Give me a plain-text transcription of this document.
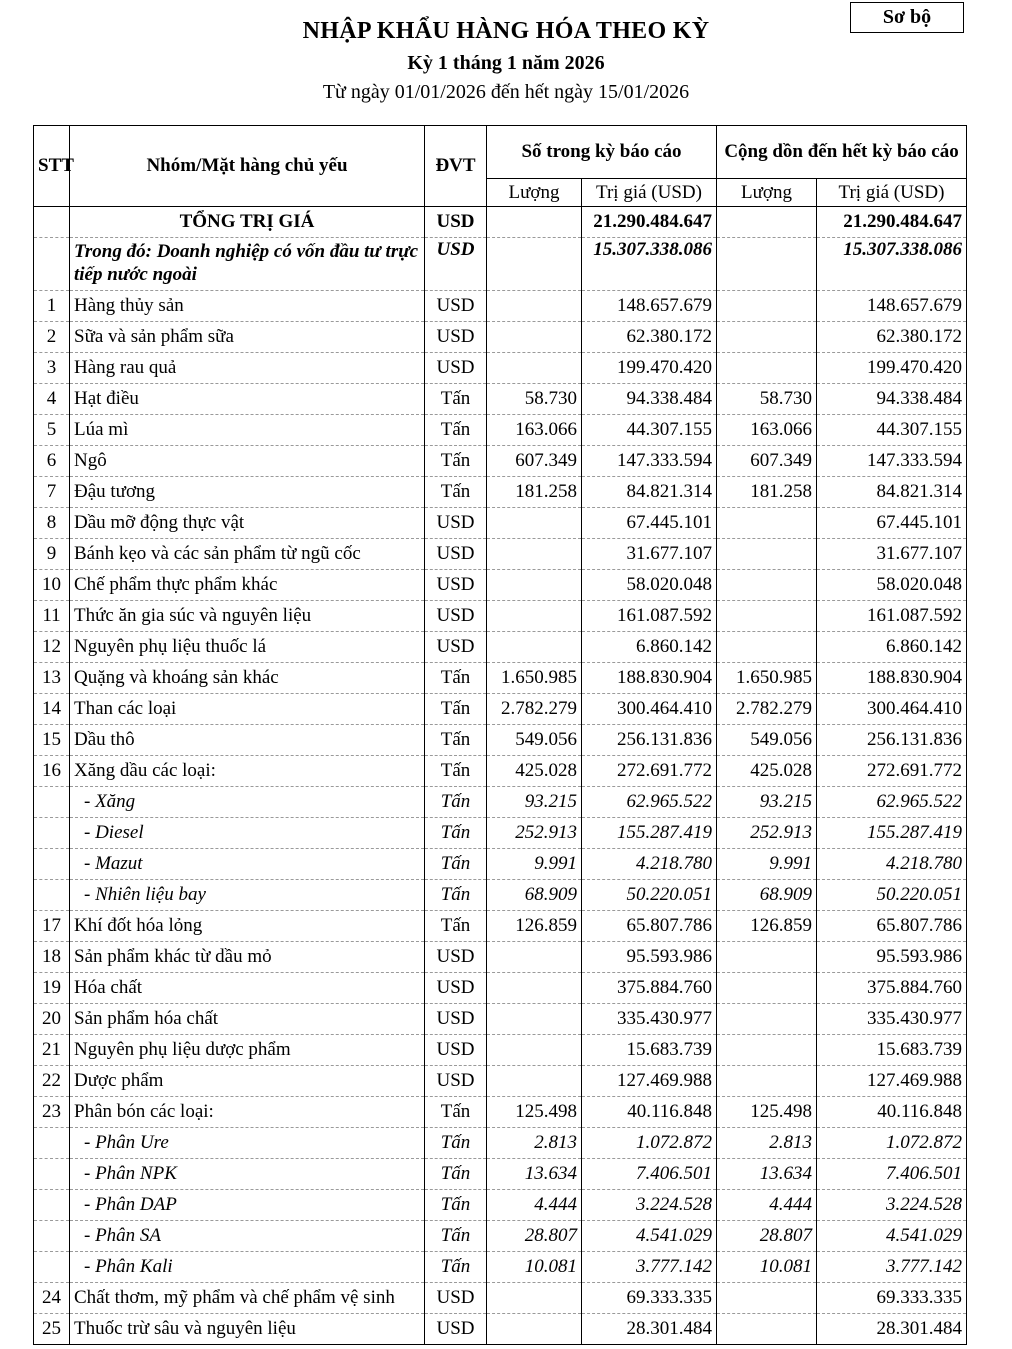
Sơ bộ
NHẬP KHẨU HÀNG HÓA THEO KỲ
Kỳ 1 tháng 1 năm 2026
Từ ngày 01/01/2026 đến hết ngày 15/01/2026
STT	Nhóm/Mặt hàng chủ yếu	ĐVT	Số trong kỳ báo cáo		Cộng dồn đến hết kỳ báo cáo	
			Lượng	Trị giá (USD)	Lượng	Trị giá (USD)
	TỔNG TRỊ GIÁ	USD		21.290.484.647		21.290.484.647
	Trong đó: Doanh nghiệp có vốn đầu tư trực tiếp nước ngoài	USD		15.307.338.086		15.307.338.086
1	Hàng thủy sản	USD		148.657.679		148.657.679
2	Sữa và sản phẩm sữa	USD		62.380.172		62.380.172
3	Hàng rau quả	USD		199.470.420		199.470.420
4	Hạt điều	Tấn	58.730	94.338.484	58.730	94.338.484
5	Lúa mì	Tấn	163.066	44.307.155	163.066	44.307.155
6	Ngô	Tấn	607.349	147.333.594	607.349	147.333.594
7	Đậu tương	Tấn	181.258	84.821.314	181.258	84.821.314
8	Dầu mỡ động thực vật	USD		67.445.101		67.445.101
9	Bánh kẹo và các sản phẩm từ ngũ cốc	USD		31.677.107		31.677.107
10	Chế phẩm thực phẩm khác	USD		58.020.048		58.020.048
11	Thức ăn gia súc và nguyên liệu	USD		161.087.592		161.087.592
12	Nguyên phụ liệu thuốc lá	USD		6.860.142		6.860.142
13	Quặng và khoáng sản khác	Tấn	1.650.985	188.830.904	1.650.985	188.830.904
14	Than các loại	Tấn	2.782.279	300.464.410	2.782.279	300.464.410
15	Dầu thô	Tấn	549.056	256.131.836	549.056	256.131.836
16	Xăng dầu các loại:	Tấn	425.028	272.691.772	425.028	272.691.772
	- Xăng	Tấn	93.215	62.965.522	93.215	62.965.522
	- Diesel	Tấn	252.913	155.287.419	252.913	155.287.419
	- Mazut	Tấn	9.991	4.218.780	9.991	4.218.780
	- Nhiên liệu bay	Tấn	68.909	50.220.051	68.909	50.220.051
17	Khí đốt hóa lỏng	Tấn	126.859	65.807.786	126.859	65.807.786
18	Sản phẩm khác từ dầu mỏ	USD		95.593.986		95.593.986
19	Hóa chất	USD		375.884.760		375.884.760
20	Sản phẩm hóa chất	USD		335.430.977		335.430.977
21	Nguyên phụ liệu dược phẩm	USD		15.683.739		15.683.739
22	Dược phẩm	USD		127.469.988		127.469.988
23	Phân bón các loại:	Tấn	125.498	40.116.848	125.498	40.116.848
	- Phân Ure	Tấn	2.813	1.072.872	2.813	1.072.872
	- Phân NPK	Tấn	13.634	7.406.501	13.634	7.406.501
	- Phân DAP	Tấn	4.444	3.224.528	4.444	3.224.528
	- Phân SA	Tấn	28.807	4.541.029	28.807	4.541.029
	- Phân Kali	Tấn	10.081	3.777.142	10.081	3.777.142
24	Chất thơm, mỹ phẩm và chế phẩm vệ sinh	USD		69.333.335		69.333.335
25	Thuốc trừ sâu và nguyên liệu	USD		28.301.484		28.301.484
